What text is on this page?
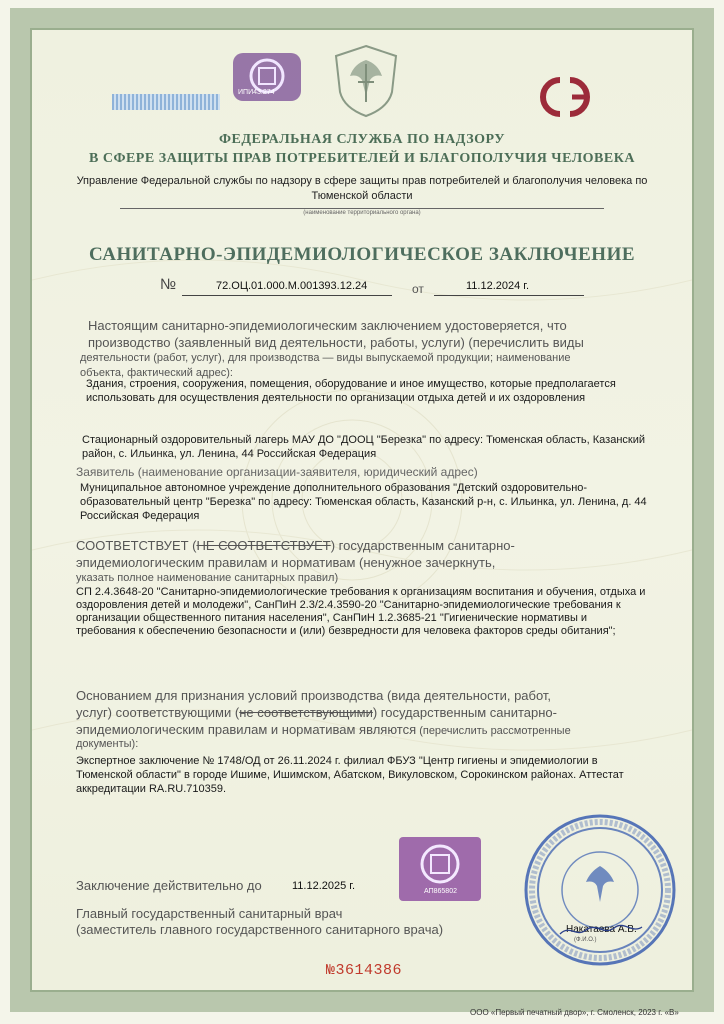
ИПИ43.274
ФЕДЕРАЛЬНАЯ СЛУЖБА ПО НАДЗОРУ
В СФЕРЕ ЗАЩИТЫ ПРАВ ПОТРЕБИТЕЛЕЙ И БЛАГОПОЛУЧИЯ ЧЕЛОВЕКА
Управление Федеральной службы по надзору в сфере защиты прав потребителей и благополучия человека по
Тюменской области
(наименование территориального органа)
САНИТАРНО-ЭПИДЕМИОЛОГИЧЕСКОЕ ЗАКЛЮЧЕНИЕ
№	72.ОЦ.01.000.М.001393.12.24	от	11.12.2024 г.
Настоящим санитарно-эпидемиологическим заключением удостоверяется, что
производство (заявленный вид деятельности, работы, услуги) (перечислить виды
деятельности (работ, услуг), для производства — виды выпускаемой продукции; наименование
объекта, фактический адрес):
Здания, строения, сооружения, помещения, оборудование и иное имущество, которые предполагается
использовать для осуществления деятельности по организации отдыха детей и их оздоровления
Стационарный оздоровительный лагерь МАУ ДО "ДООЦ "Березка" по адресу: Тюменская область, Казанский
район, с. Ильинка, ул. Ленина, 44 Российская Федерация
Заявитель (наименование организации-заявителя, юридический адрес)
Муниципальное автономное учреждение дополнительного образования "Детский оздоровительно-
образовательный центр "Березка" по адресу: Тюменская область, Казанский р-н, с. Ильинка, ул. Ленина, д. 44
Российская Федерация
СООТВЕТСТВУЕТ (НЕ СООТВЕТСТВУЕТ) государственным санитарно-
эпидемиологическим правилам и нормативам (ненужное зачеркнуть,
указать полное наименование санитарных правил)
СП 2.4.3648-20 "Санитарно-эпидемиологические требования к организациям воспитания и обучения, отдыха и
оздоровления детей и молодежи", СанПиН 2.3/2.4.3590-20 "Санитарно-эпидемиологические требования к
организации общественного питания населения", СанПиН 1.2.3685-21 "Гигиенические нормативы и
требования к обеспечению безопасности и (или) безвредности для человека факторов среды обитания";
Основанием для признания условий производства (вида деятельности, работ,
услуг) соответствующими (не соответствующими) государственным санитарно-
эпидемиологическим правилам и нормативам являются (перечислить рассмотренные
документы):
Экспертное заключение № 1748/ОД от 26.11.2024 г. филиал ФБУЗ "Центр гигиены и эпидемиологии в
Тюменской области" в городе Ишиме, Ишимском, Абатском, Викуловском, Сорокинском районах. Аттестат
аккредитации RA.RU.710359.
АП865802
Заключение действительно до	11.12.2025 г.
Главный государственный санитарный врач
(заместитель главного государственного санитарного врача)	Накатаева А.В.
(Ф.И.О.)
№3614386
ООО «Первый печатный двор», г. Смоленск, 2023 г. «В»
